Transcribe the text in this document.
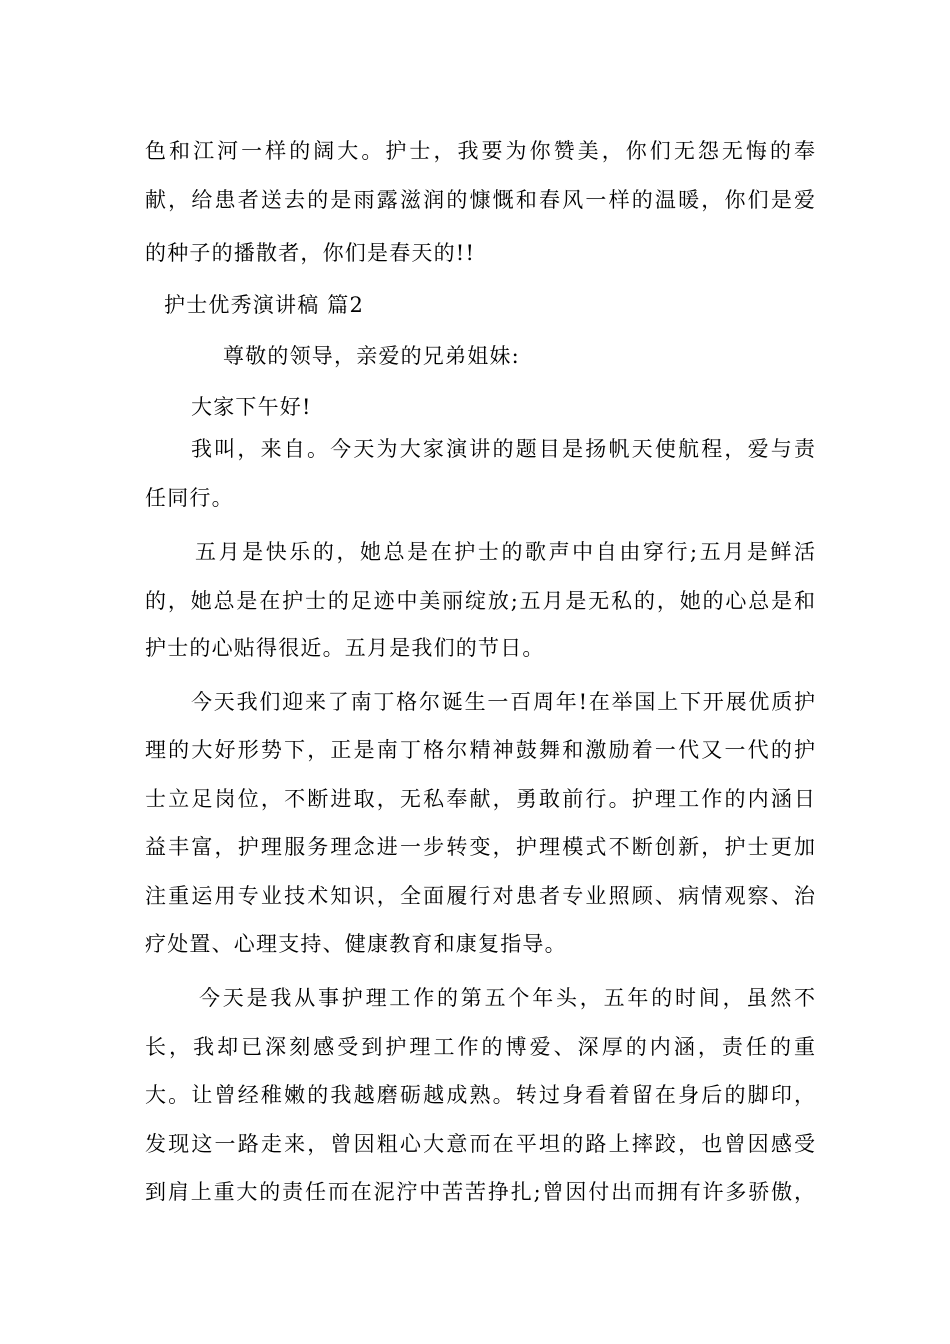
色和江河一样的阔大。护士，我要为你赞美，你们无怨无悔的奉
献，给患者送去的是雨露滋润的慷慨和春风一样的温暖，你们是爱
的种子的播散者，你们是春天的!!
护士优秀演讲稿 篇2
尊敬的领导，亲爱的兄弟姐妹:
大家下午好!
我叫，来自。今天为大家演讲的题目是扬帆天使航程，爱与责
任同行。
五月是快乐的，她总是在护士的歌声中自由穿行;五月是鲜活
的，她总是在护士的足迹中美丽绽放;五月是无私的，她的心总是和
护士的心贴得很近。五月是我们的节日。
今天我们迎来了南丁格尔诞生一百周年!在举国上下开展优质护
理的大好形势下，正是南丁格尔精神鼓舞和激励着一代又一代的护
士立足岗位，不断进取，无私奉献，勇敢前行。护理工作的内涵日
益丰富，护理服务理念进一步转变，护理模式不断创新，护士更加
注重运用专业技术知识，全面履行对患者专业照顾、病情观察、治
疗处置、心理支持、健康教育和康复指导。
今天是我从事护理工作的第五个年头，五年的时间，虽然不
长，我却已深刻感受到护理工作的博爱、深厚的内涵，责任的重
大。让曾经稚嫩的我越磨砺越成熟。转过身看着留在身后的脚印，
发现这一路走来，曾因粗心大意而在平坦的路上摔跤，也曾因感受
到肩上重大的责任而在泥泞中苦苦挣扎;曾因付出而拥有许多骄傲，
